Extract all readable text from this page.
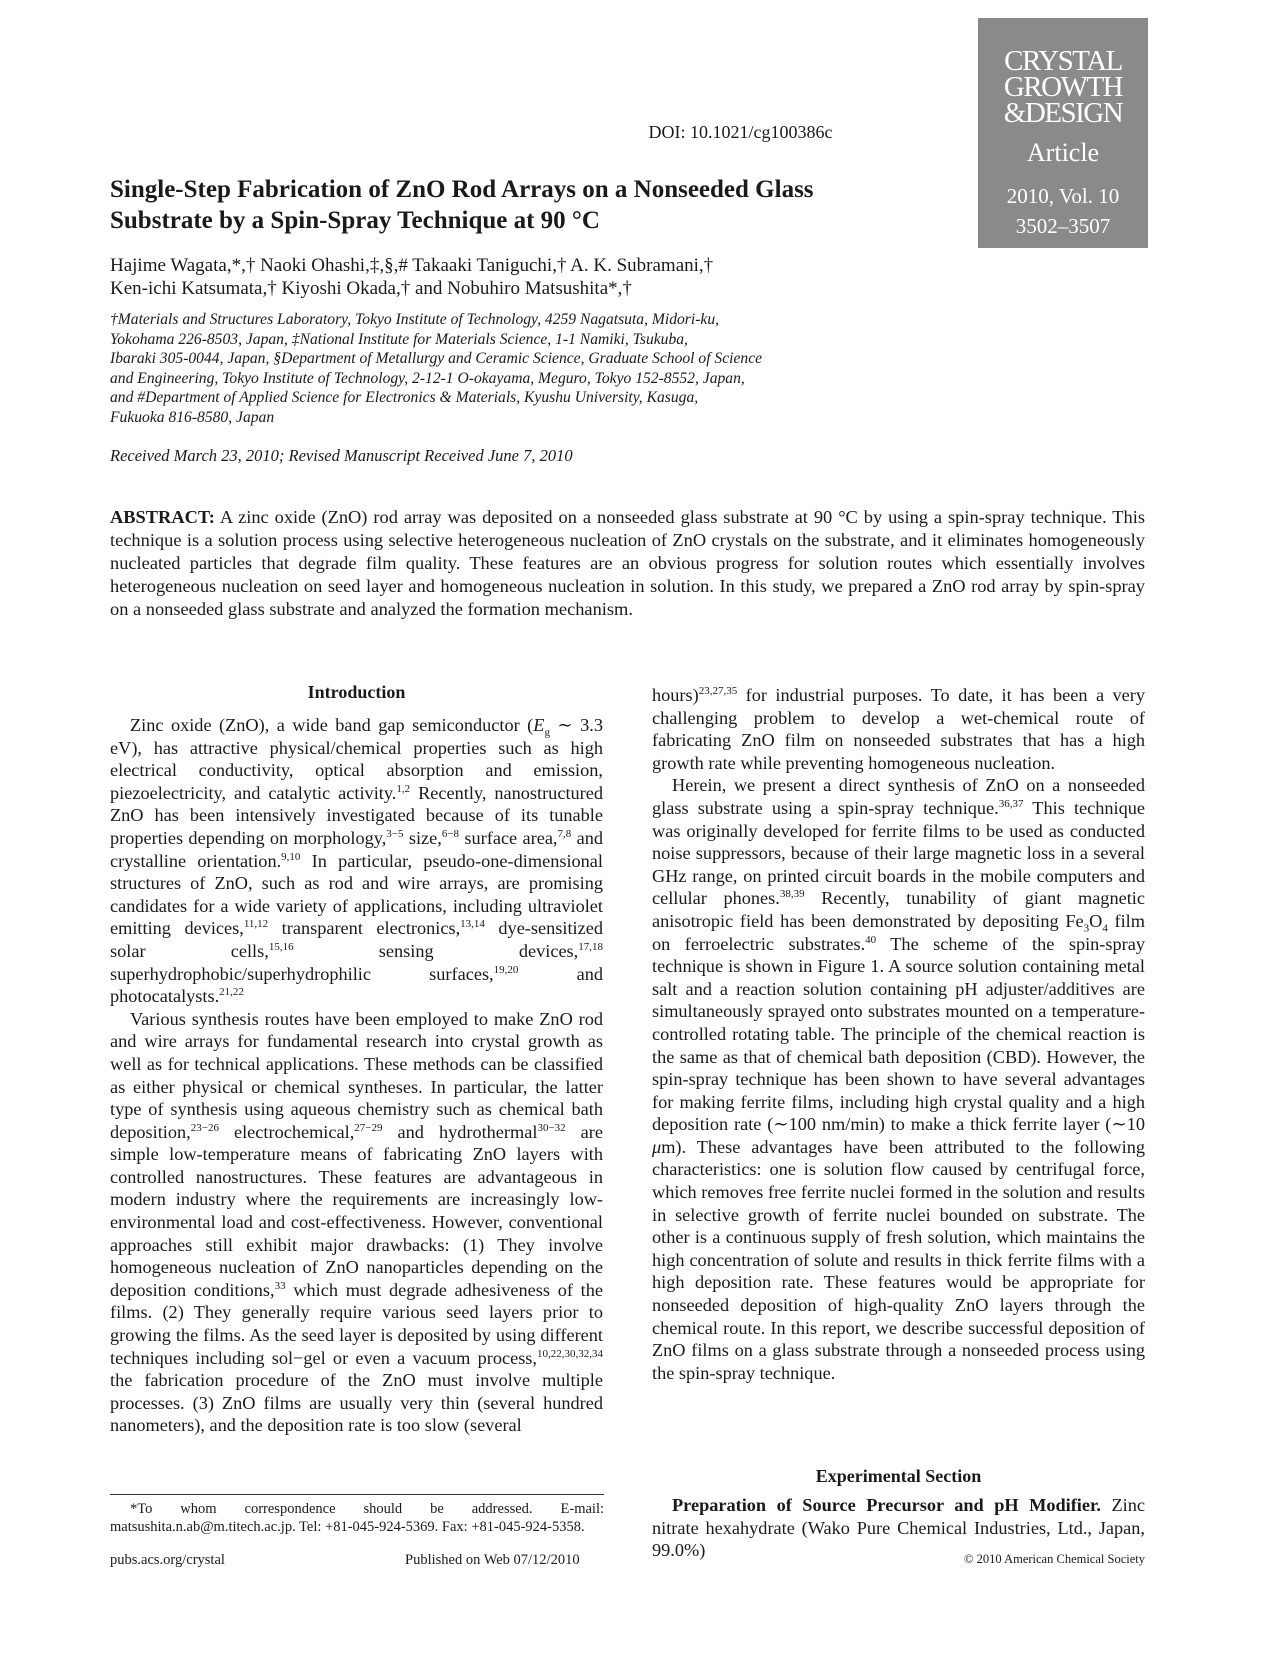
CRYSTAL
GROWTH
&DESIGN
Article
2010, Vol. 10
3502–3507
DOI: 10.1021/cg100386c
Single-Step Fabrication of ZnO Rod Arrays on a Nonseeded Glass
Substrate by a Spin-Spray Technique at 90 °C
Hajime Wagata,*,† Naoki Ohashi,‡,§,# Takaaki Taniguchi,† A. K. Subramani,†
Ken-ichi Katsumata,† Kiyoshi Okada,† and Nobuhiro Matsushita*,†
†Materials and Structures Laboratory, Tokyo Institute of Technology, 4259 Nagatsuta, Midori-ku,
Yokohama 226-8503, Japan, ‡National Institute for Materials Science, 1-1 Namiki, Tsukuba,
Ibaraki 305-0044, Japan, §Department of Metallurgy and Ceramic Science, Graduate School of Science
and Engineering, Tokyo Institute of Technology, 2-12-1 O-okayama, Meguro, Tokyo 152-8552, Japan,
and #Department of Applied Science for Electronics & Materials, Kyushu University, Kasuga,
Fukuoka 816-8580, Japan
Received March 23, 2010; Revised Manuscript Received June 7, 2010
ABSTRACT: A zinc oxide (ZnO) rod array was deposited on a nonseeded glass substrate at 90 °C by using a spin-spray technique. This technique is a solution process using selective heterogeneous nucleation of ZnO crystals on the substrate, and it eliminates homogeneously nucleated particles that degrade film quality. These features are an obvious progress for solution routes which essentially involves heterogeneous nucleation on seed layer and homogeneous nucleation in solution. In this study, we prepared a ZnO rod array by spin-spray on a nonseeded glass substrate and analyzed the formation mechanism.
Introduction

Zinc oxide (ZnO), a wide band gap semiconductor ($E_g$ ∼ 3.3 eV), has attractive physical/chemical properties such as high electrical conductivity, optical absorption and emission, piezoelectricity, and catalytic activity.$^{1,2}$ Recently, nanostructured ZnO has been intensively investigated because of its tunable properties depending on morphology,$^{3-5}$ size,$^{6-8}$ surface area,$^{7,8}$ and crystalline orientation.$^{9,10}$ In particular, pseudo-one-dimensional structures of ZnO, such as rod and wire arrays, are promising candidates for a wide variety of applications, including ultraviolet emitting devices,$^{11,12}$ transparent electronics,$^{13,14}$ dye-sensitized solar cells,$^{15,16}$ sensing devices,$^{17,18}$ superhydrophobic/superhydrophilic surfaces,$^{19,20}$ and photocatalysts.$^{21,22}$

Various synthesis routes have been employed to make ZnO rod and wire arrays for fundamental research into crystal growth as well as for technical applications. These methods can be classified as either physical or chemical syntheses. In particular, the latter type of synthesis using aqueous chemistry such as chemical bath deposition,$^{23-26}$ electrochemical,$^{27-29}$ and hydrothermal$^{30-32}$ are simple low-temperature means of fabricating ZnO layers with controlled nanostructures. These features are advantageous in modern industry where the requirements are increasingly low-environmental load and cost-effectiveness. However, conventional approaches still exhibit major drawbacks: (1) They involve homogeneous nucleation of ZnO nanoparticles depending on the deposition conditions,$^{33}$ which must degrade adhesiveness of the films. (2) They generally require various seed layers prior to growing the films. As the seed layer is deposited by using different techniques including sol−gel or even a vacuum process,$^{10,22,30,32,34}$ the fabrication procedure of the ZnO must involve multiple processes. (3) ZnO films are usually very thin (several hundred nanometers), and the deposition rate is too slow (several

hours)$^{23,27,35}$ for industrial purposes. To date, it has been a very challenging problem to develop a wet-chemical route of fabricating ZnO film on nonseeded substrates that has a high growth rate while preventing homogeneous nucleation.

Herein, we present a direct synthesis of ZnO on a nonseeded glass substrate using a spin-spray technique.$^{36,37}$ This technique was originally developed for ferrite films to be used as conducted noise suppressors, because of their large magnetic loss in a several GHz range, on printed circuit boards in the mobile computers and cellular phones.$^{38,39}$ Recently, tunability of giant magnetic anisotropic field has been demonstrated by depositing $Fe_3O_4$ film on ferroelectric substrates.$^{40}$ The scheme of the spin-spray technique is shown in Figure 1. A source solution containing metal salt and a reaction solution containing pH adjuster/additives are simultaneously sprayed onto substrates mounted on a temperature-controlled rotating table. The principle of the chemical reaction is the same as that of chemical bath deposition (CBD). However, the spin-spray technique has been shown to have several advantages for making ferrite films, including high crystal quality and a high deposition rate (∼100 nm/min) to make a thick ferrite layer (∼10 μm). These advantages have been attributed to the following characteristics: one is solution flow caused by centrifugal force, which removes free ferrite nuclei formed in the solution and results in selective growth of ferrite nuclei bounded on substrate. The other is a continuous supply of fresh solution, which maintains the high concentration of solute and results in thick ferrite films with a high deposition rate. These features would be appropriate for nonseeded deposition of high-quality ZnO layers through the chemical route. In this report, we describe successful deposition of ZnO films on a glass substrate through a nonseeded process using the spin-spray technique.

Experimental Section

Preparation of Source Precursor and pH Modifier. Zinc nitrate hexahydrate (Wako Pure Chemical Industries, Ltd., Japan, 99.0%)

*To whom correspondence should be addressed. E-mail: matsushita.n.ab@m.titech.ac.jp. Tel: +81-045-924-5369. Fax: +81-045-924-5358.
pubs.acs.org/crystal	Published on Web 07/12/2010	© 2010 American Chemical Society
